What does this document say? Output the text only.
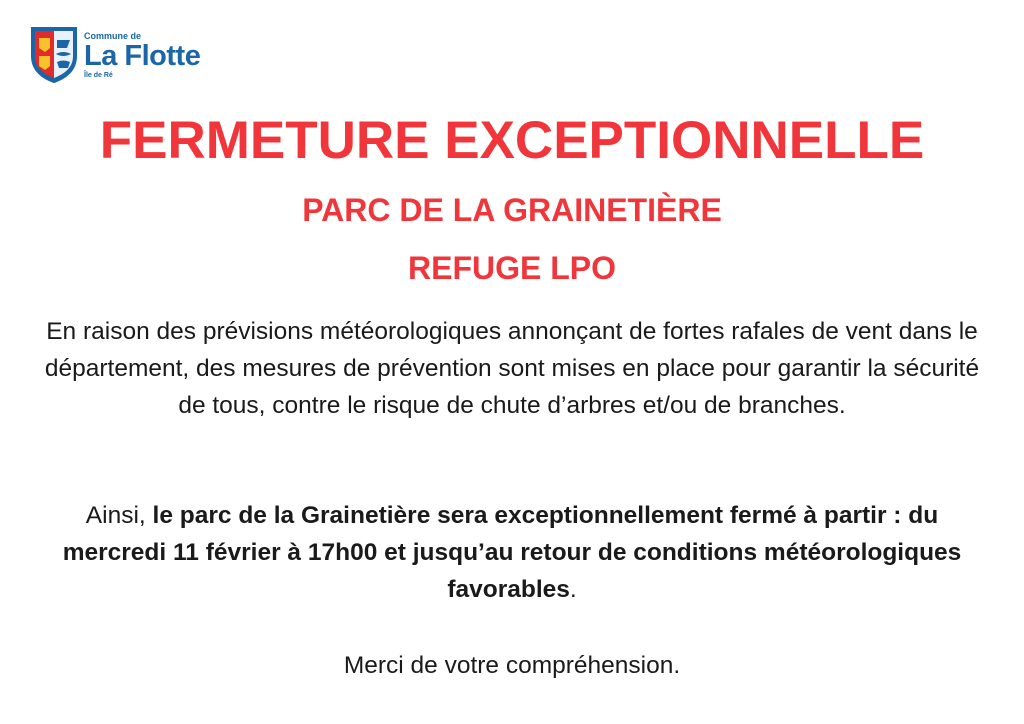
Commune de
La Flotte
Île de Ré
FERMETURE EXCEPTIONNELLE
PARC DE LA GRAINETIÈRE
REFUGE LPO

En raison des prévisions météorologiques annonçant de fortes rafales de vent dans le département, des mesures de prévention sont mises en place pour garantir la sécurité de tous, contre le risque de chute d’arbres et/ou de branches.

Ainsi, le parc de la Grainetière sera exceptionnellement fermé à partir : du mercredi 11 février à 17h00 et jusqu’au retour de conditions météorologiques favorables.

Merci de votre compréhension.
